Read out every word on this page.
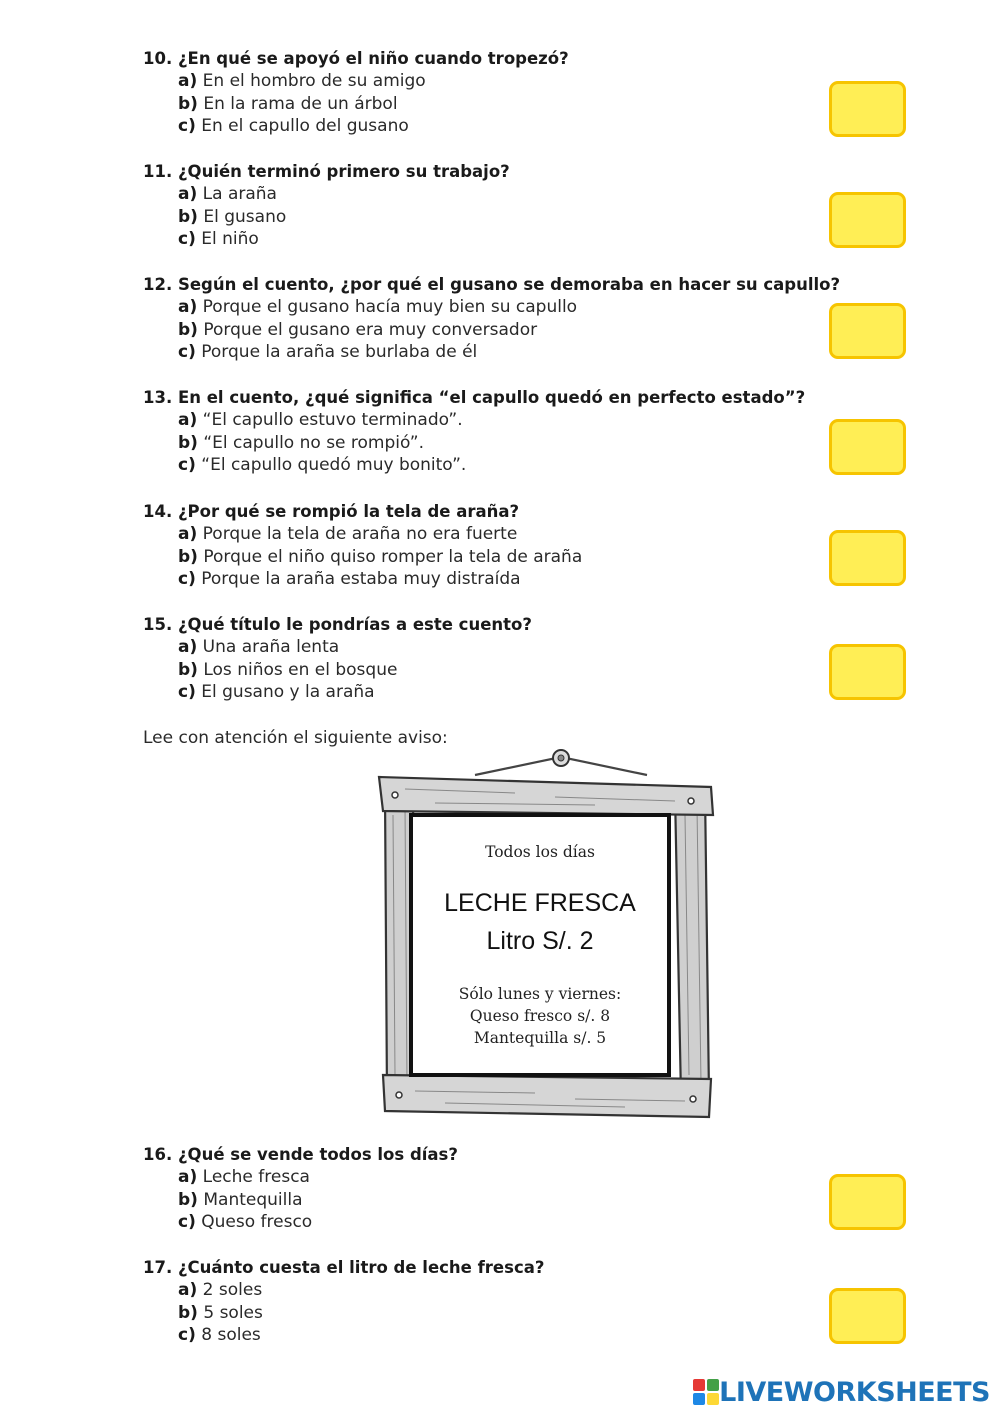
10. ¿En qué se apoyó el niño cuando tropezó?

a) En el hombro de su amigo
b) En la rama de un árbol
c) En el capullo del gusano

11. ¿Quién terminó primero su trabajo?

a) La araña
b) El gusano
c) El niño

12. Según el cuento, ¿por qué el gusano se demoraba en hacer su capullo?

a) Porque el gusano hacía muy bien su capullo
b) Porque el gusano era muy conversador
c) Porque la araña se burlaba de él

13. En el cuento, ¿qué significa “el capullo quedó en perfecto estado”?

a) “El capullo estuvo terminado”.
b) “El capullo no se rompió”.
c) “El capullo quedó muy bonito”.

14. ¿Por qué se rompió la tela de araña?

a) Porque la tela de araña no era fuerte
b) Porque el niño quiso romper la tela de araña
c) Porque la araña estaba muy distraída

15. ¿Qué título le pondrías a este cuento?

a) Una araña lenta
b) Los niños en el bosque
c) El gusano y la araña

Lee con atención el siguiente aviso:

Todos los días
LECHE FRESCA
Litro S/. 2
Sólo lunes y viernes:
Queso fresco s/. 8
Mantequilla s/. 5

16. ¿Qué se vende todos los días?

a) Leche fresca
b) Mantequilla
c) Queso fresco

17. ¿Cuánto cuesta el litro de leche fresca?

a) 2 soles
b) 5 soles
c) 8 soles
LIVEWORKSHEETS
